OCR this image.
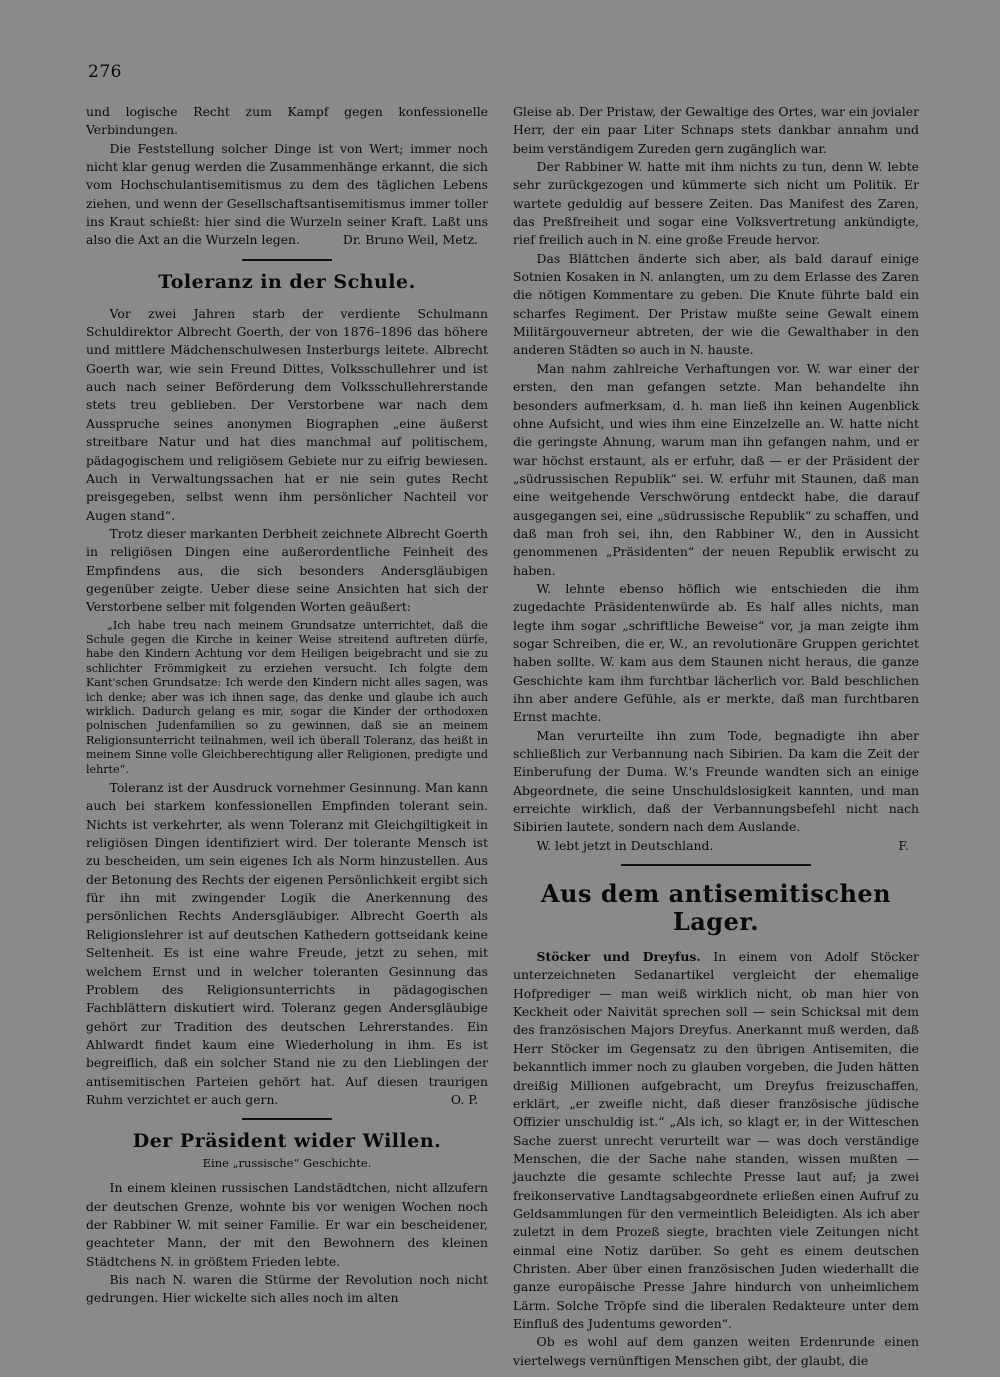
276

und logische Recht zum Kampf gegen konfessionelle Verbindungen.

Die Feststellung solcher Dinge ist von Wert; immer noch nicht klar genug werden die Zusammenhänge erkannt, die sich vom Hochschulantisemitismus zu dem des täglichen Lebens ziehen, und wenn der Gesellschaftsantisemitismus immer toller ins Kraut schießt: hier sind die Wurzeln seiner Kraft. Laßt uns also die Axt an die Wurzeln legen.	Dr. Bruno Weil, Metz.

Toleranz in der Schule.

Vor zwei Jahren starb der verdiente Schulmann Schuldirektor Albrecht Goerth, der von 1876–1896 das höhere und mittlere Mädchenschulwesen Insterburgs leitete. Albrecht Goerth war, wie sein Freund Dittes, Volksschullehrer und ist auch nach seiner Beförderung dem Volksschullehrerstande stets treu geblieben. Der Verstorbene war nach dem Ausspruche seines anonymen Biographen „eine äußerst streitbare Natur und hat dies manchmal auf politischem, pädagogischem und religiösem Gebiete nur zu eifrig bewiesen. Auch in Verwaltungssachen hat er nie sein gutes Recht preisgegeben, selbst wenn ihm persönlicher Nachteil vor Augen stand“.

Trotz dieser markanten Derbheit zeichnete Albrecht Goerth in religiösen Dingen eine außerordentliche Feinheit des Empfindens aus, die sich besonders Andersgläubigen gegenüber zeigte. Ueber diese seine Ansichten hat sich der Verstorbene selber mit folgenden Worten geäußert:

„Ich habe treu nach meinem Grundsatze unterrichtet, daß die Schule gegen die Kirche in keiner Weise streitend auftreten dürfe, habe den Kindern Achtung vor dem Heiligen beigebracht und sie zu schlichter Frömmigkeit zu erziehen versucht. Ich folgte dem Kant'schen Grundsatze: Ich werde den Kindern nicht alles sagen, was ich denke; aber was ich ihnen sage, das denke und glaube ich auch wirklich. Dadurch gelang es mir, sogar die Kinder der orthodoxen polnischen Judenfamilien so zu gewinnen, daß sie an meinem Religionsunterricht teilnahmen, weil ich überall Toleranz, das heißt in meinem Sinne volle Gleichberechtigung aller Religionen, predigte und lehrte“.

Toleranz ist der Ausdruck vornehmer Gesinnung. Man kann auch bei starkem konfessionellen Empfinden tolerant sein. Nichts ist verkehrter, als wenn Toleranz mit Gleichgiltigkeit in religiösen Dingen identifiziert wird. Der tolerante Mensch ist zu bescheiden, um sein eigenes Ich als Norm hinzustellen. Aus der Betonung des Rechts der eigenen Persönlichkeit ergibt sich für ihn mit zwingender Logik die Anerkennung des persönlichen Rechts Andersgläubiger. Albrecht Goerth als Religionslehrer ist auf deutschen Kathedern gottseidank keine Seltenheit. Es ist eine wahre Freude, jetzt zu sehen, mit welchem Ernst und in welcher toleranten Gesinnung das Problem des Religionsunterrichts in pädagogischen Fachblättern diskutiert wird. Toleranz gegen Andersgläubige gehört zur Tradition des deutschen Lehrerstandes. Ein Ahlwardt findet kaum eine Wiederholung in ihm. Es ist begreiflich, daß ein solcher Stand nie zu den Lieblingen der antisemitischen Parteien gehört hat. Auf diesen traurigen Ruhm verzichtet er auch gern.	O. P.

Der Präsident wider Willen.
Eine „russische“ Geschichte.

In einem kleinen russischen Landstädtchen, nicht allzufern der deutschen Grenze, wohnte bis vor wenigen Wochen noch der Rabbiner W. mit seiner Familie. Er war ein bescheidener, geachteter Mann, der mit den Bewohnern des kleinen Städtchens N. in größtem Frieden lebte.

Bis nach N. waren die Stürme der Revolution noch nicht gedrungen. Hier wickelte sich alles noch im alten

Gleise ab. Der Pristaw, der Gewaltige des Ortes, war ein jovialer Herr, der ein paar Liter Schnaps stets dankbar annahm und beim verständigem Zureden gern zugänglich war.

Der Rabbiner W. hatte mit ihm nichts zu tun, denn W. lebte sehr zurückgezogen und kümmerte sich nicht um Politik. Er wartete geduldig auf bessere Zeiten. Das Manifest des Zaren, das Preßfreiheit und sogar eine Volksvertretung ankündigte, rief freilich auch in N. eine große Freude hervor.

Das Blättchen änderte sich aber, als bald darauf einige Sotnien Kosaken in N. anlangten, um zu dem Erlasse des Zaren die nötigen Kommentare zu geben. Die Knute führte bald ein scharfes Regiment. Der Pristaw mußte seine Gewalt einem Militärgouverneur abtreten, der wie die Gewalthaber in den anderen Städten so auch in N. hauste.

Man nahm zahlreiche Verhaftungen vor. W. war einer der ersten, den man gefangen setzte. Man behandelte ihn besonders aufmerksam, d. h. man ließ ihn keinen Augenblick ohne Aufsicht, und wies ihm eine Einzelzelle an. W. hatte nicht die geringste Ahnung, warum man ihn gefangen nahm, und er war höchst erstaunt, als er erfuhr, daß — er der Präsident der „südrussischen Republik“ sei. W. erfuhr mit Staunen, daß man eine weitgehende Verschwörung entdeckt habe, die darauf ausgegangen sei, eine „südrussische Republik“ zu schaffen, und daß man froh sei, ihn, den Rabbiner W., den in Aussicht genommenen „Präsidenten“ der neuen Republik erwischt zu haben.

W. lehnte ebenso höflich wie entschieden die ihm zugedachte Präsidentenwürde ab. Es half alles nichts, man legte ihm sogar „schriftliche Beweise“ vor, ja man zeigte ihm sogar Schreiben, die er, W., an revolutionäre Gruppen gerichtet haben sollte. W. kam aus dem Staunen nicht heraus, die ganze Geschichte kam ihm furchtbar lächerlich vor. Bald beschlichen ihn aber andere Gefühle, als er merkte, daß man furchtbaren Ernst machte.

Man verurteilte ihn zum Tode, begnadigte ihn aber schließlich zur Verbannung nach Sibirien. Da kam die Zeit der Einberufung der Duma. W.'s Freunde wandten sich an einige Abgeordnete, die seine Unschuldslosigkeit kannten, und man erreichte wirklich, daß der Verbannungsbefehl nicht nach Sibirien lautete, sondern nach dem Auslande.

W. lebt jetzt in Deutschland.	F.

Aus dem antisemitischen Lager.

Stöcker und Dreyfus. In einem von Adolf Stöcker unterzeichneten Sedanartikel vergleicht der ehemalige Hofprediger — man weiß wirklich nicht, ob man hier von Keckheit oder Naivität sprechen soll — sein Schicksal mit dem des französischen Majors Dreyfus. Anerkannt muß werden, daß Herr Stöcker im Gegensatz zu den übrigen Antisemiten, die bekanntlich immer noch zu glauben vorgeben, die Juden hätten dreißig Millionen aufgebracht, um Dreyfus freizuschaffen, erklärt, „er zweifle nicht, daß dieser französische jüdische Offizier unschuldig ist.“ „Als ich, so klagt er, in der Witteschen Sache zuerst unrecht verurteilt war — was doch verständige Menschen, die der Sache nahe standen, wissen mußten — jauchzte die gesamte schlechte Presse laut auf; ja zwei freikonservative Landtagsabgeordnete erließen einen Aufruf zu Geldsammlungen für den vermeintlich Beleidigten. Als ich aber zuletzt in dem Prozeß siegte, brachten viele Zeitungen nicht einmal eine Notiz darüber. So geht es einem deutschen Christen. Aber über einen französischen Juden wiederhallt die ganze europäische Presse Jahre hindurch von unheimlichem Lärm. Solche Tröpfe sind die liberalen Redakteure unter dem Einfluß des Judentums geworden“.

Ob es wohl auf dem ganzen weiten Erdenrunde einen viertelwegs vernünftigen Menschen gibt, der glaubt, die
